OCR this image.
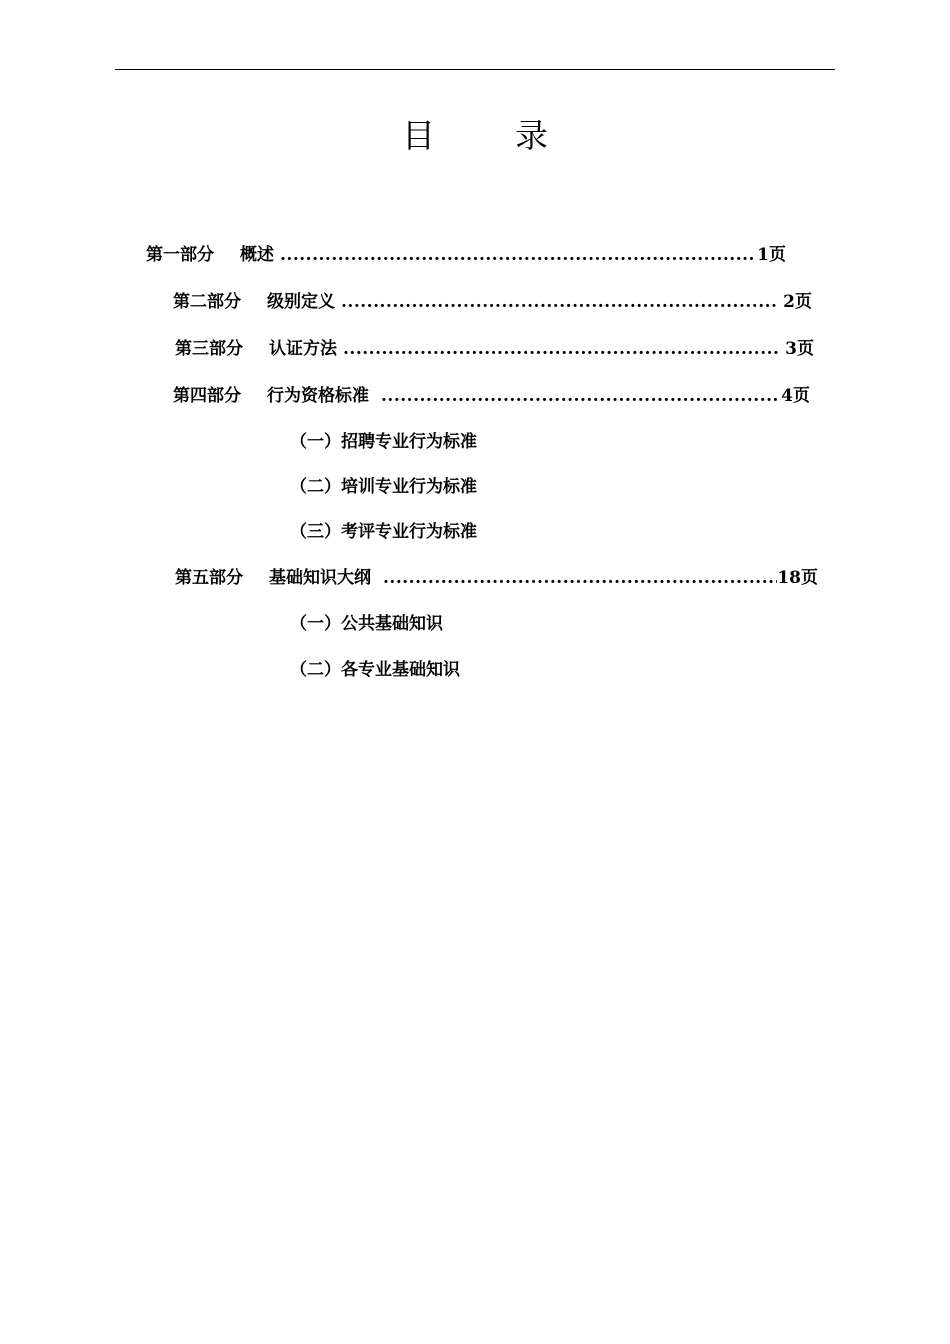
目 录
第一部分 概述 .....	1页
第二部分 级别定义 .....	2页
第三部分 认证方法 .....	3页
第四部分 行为资格标准 .....	4页
（一）招聘专业行为标准
（二）培训专业行为标准
（三）考评专业行为标准
第五部分 基础知识大纲 .....	18页
（一）公共基础知识
（二）各专业基础知识
